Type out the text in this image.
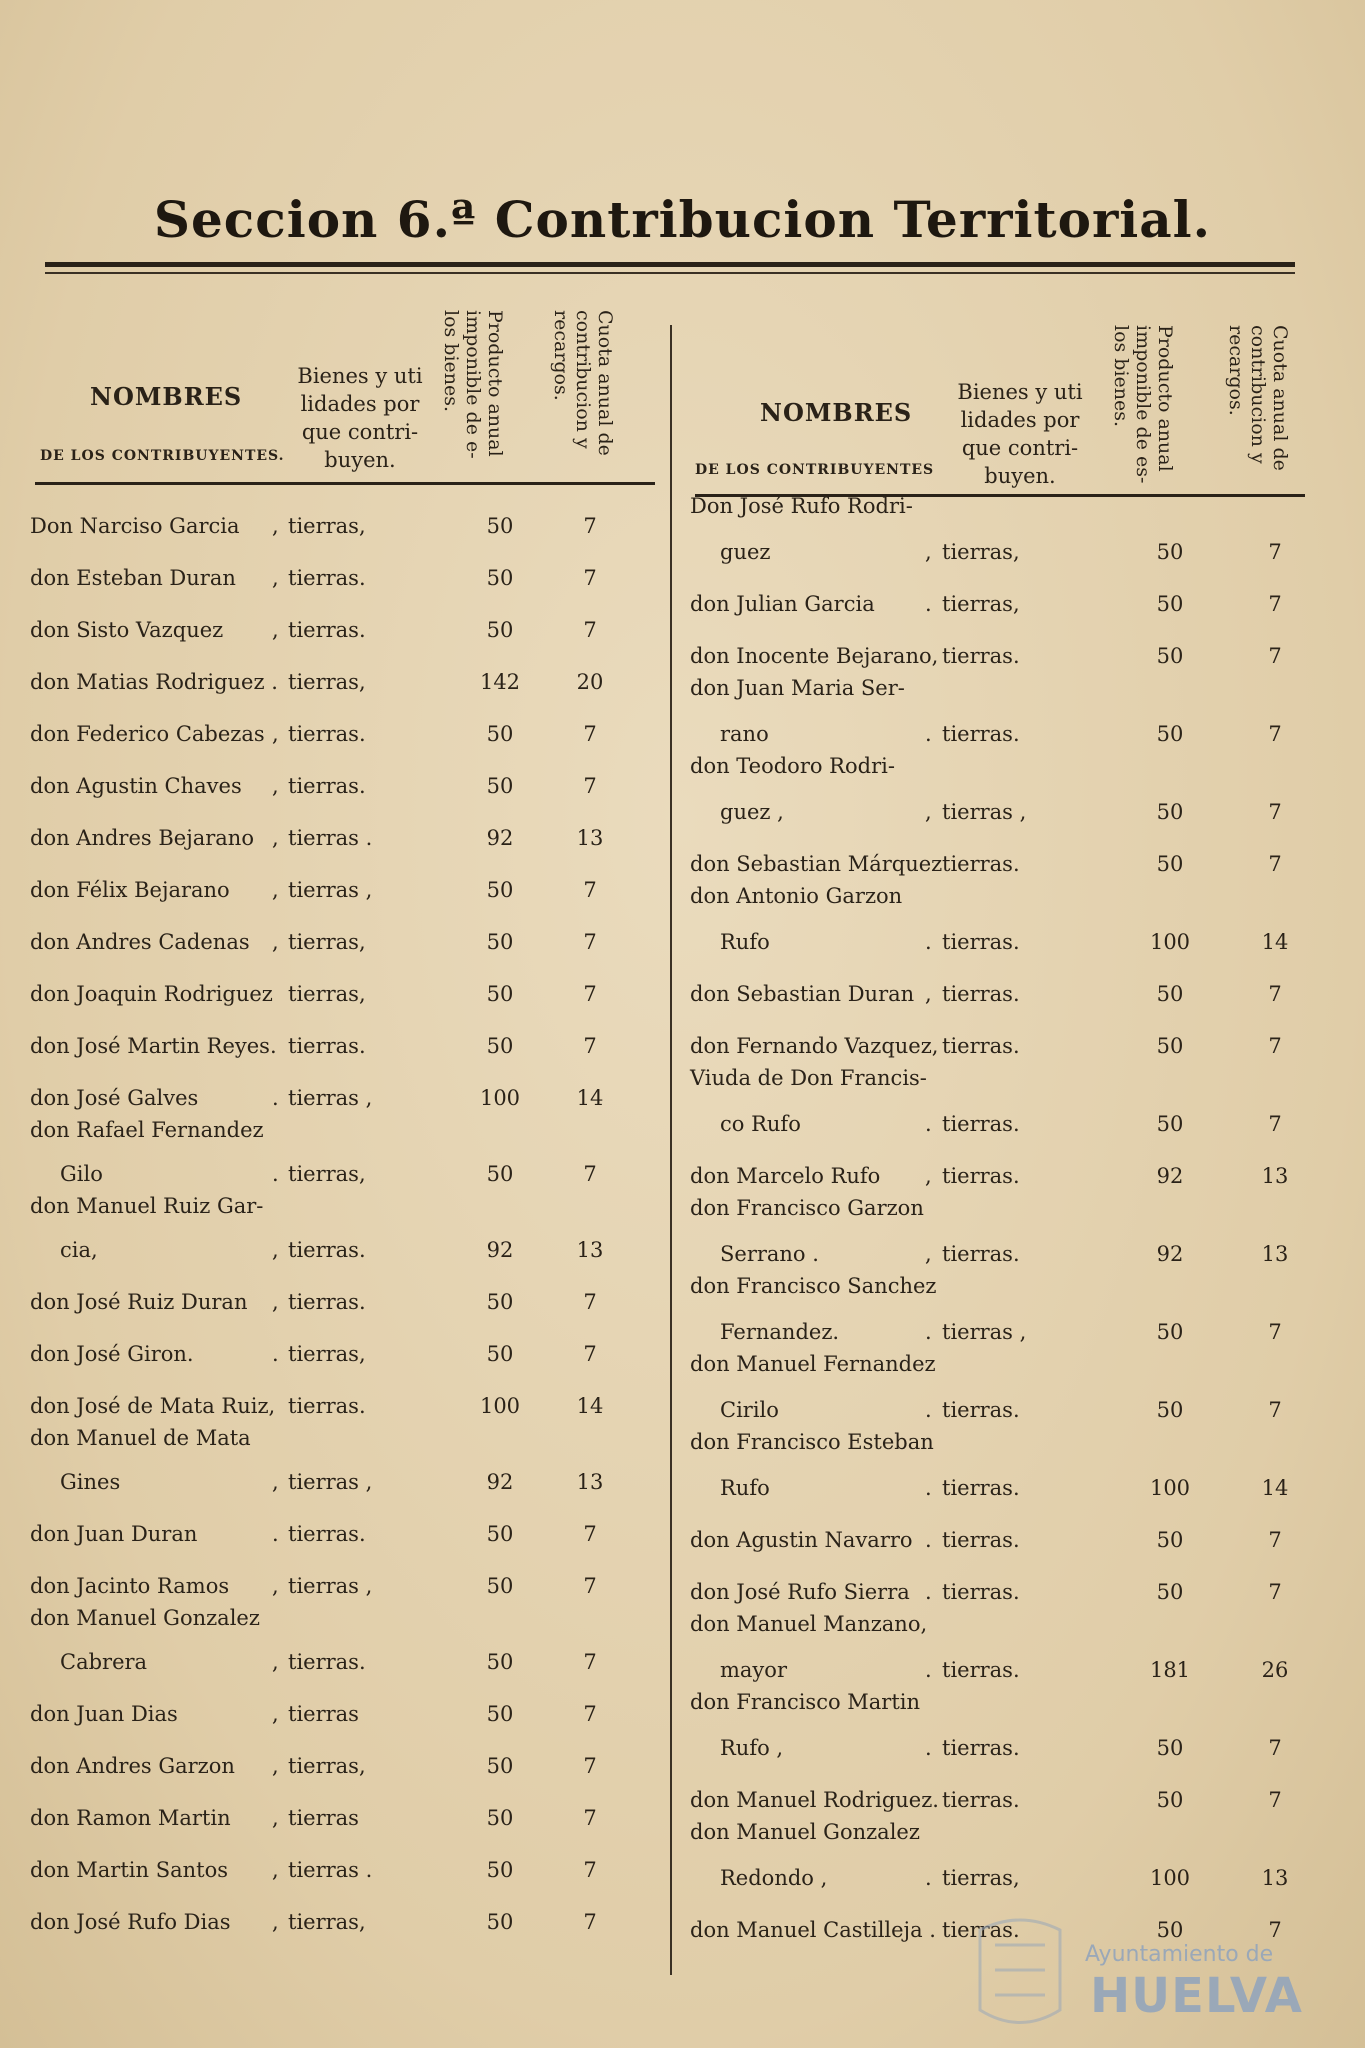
Seccion 6.ª Contribucion Territorial.
NOMBRES
DE LOS CONTRIBUYENTES.
Bienes y uti
lidades por
que contri-
buyen.
Producto anual
imponible de e-
los bienes.	Cuota anual de
contribucion y
recargos.
Don Narciso Garcia , tierras,	50	7
don Esteban Duran , tierras.	50	7
don Sisto Vazquez , tierras.	50	7
don Matias Rodriguez . tierras,	142	20
don Federico Cabezas , tierras.	50	7
don Agustin Chaves , tierras.	50	7
don Andres Bejarano , tierras .	92	13
don Félix Bejarano , tierras ,	50	7
don Andres Cadenas , tierras,	50	7
don Joaquin Rodriguez tierras,	50	7
don José Martin Reyes. tierras.	50	7
don José Galves	. tierras ,	100	14
don Rafael Fernandez
Gilo	. tierras,	50	7
don Manuel Ruiz Gar-
cia,	, tierras.	92	13
don José Ruiz Duran , tierras.	50	7
don José Giron.	. tierras,	50	7
don José de Mata Ruiz, tierras.	100	14
don Manuel de Mata
Gines	, tierras ,	92	13
don Juan Duran	. tierras.	50	7
don Jacinto Ramos , tierras ,	50	7
don Manuel Gonzalez
Cabrera	, tierras.	50	7
don Juan Dias	, tierras	50	7
don Andres Garzon , tierras,	50	7
don Ramon Martin , tierras	50	7
don Martin Santos , tierras .	50	7
don José Rufo Dias , tierras,	50	7
NOMBRES
DE LOS CONTRIBUYENTES
Bienes y uti
lidades por
que contri-
buyen.
Producto anual
imponible de es-
los bienes.	Cuota anual de
contribucion y
recargos.
Don José Rufo Rodri-
guez	, tierras,	50	7
don Julian Garcia . tierras,	50	7
don Inocente Bejarano, tierras.	50	7
don Juan Maria Ser-
rano	. tierras.	50	7
don Teodoro Rodri-
guez ,	, tierras ,	50	7
don Sebastian Márquez tierras.	50	7
don Antonio Garzon
Rufo	. tierras.	100	14
don Sebastian Duran , tierras.	50	7
don Fernando Vazquez, tierras.	50	7
Viuda de Don Francis-
co Rufo	. tierras.	50	7
don Marcelo Rufo , tierras.	92	13
don Francisco Garzon
Serrano .	, tierras.	92	13
don Francisco Sanchez
Fernandez.	. tierras ,	50	7
don Manuel Fernandez
Cirilo	. tierras.	50	7
don Francisco Esteban
Rufo	. tierras.	100	14
don Agustin Navarro . tierras.	50	7
don José Rufo Sierra . tierras.	50	7
don Manuel Manzano,
mayor	. tierras.	181	26
don Francisco Martin
Rufo ,	. tierras.	50	7
don Manuel Rodriguez. tierras.	50	7
don Manuel Gonzalez
Redondo ,	. tierras,	100	13
don Manuel Castilleja . tierras.	50	7
Ayuntamiento de
HUELVA
